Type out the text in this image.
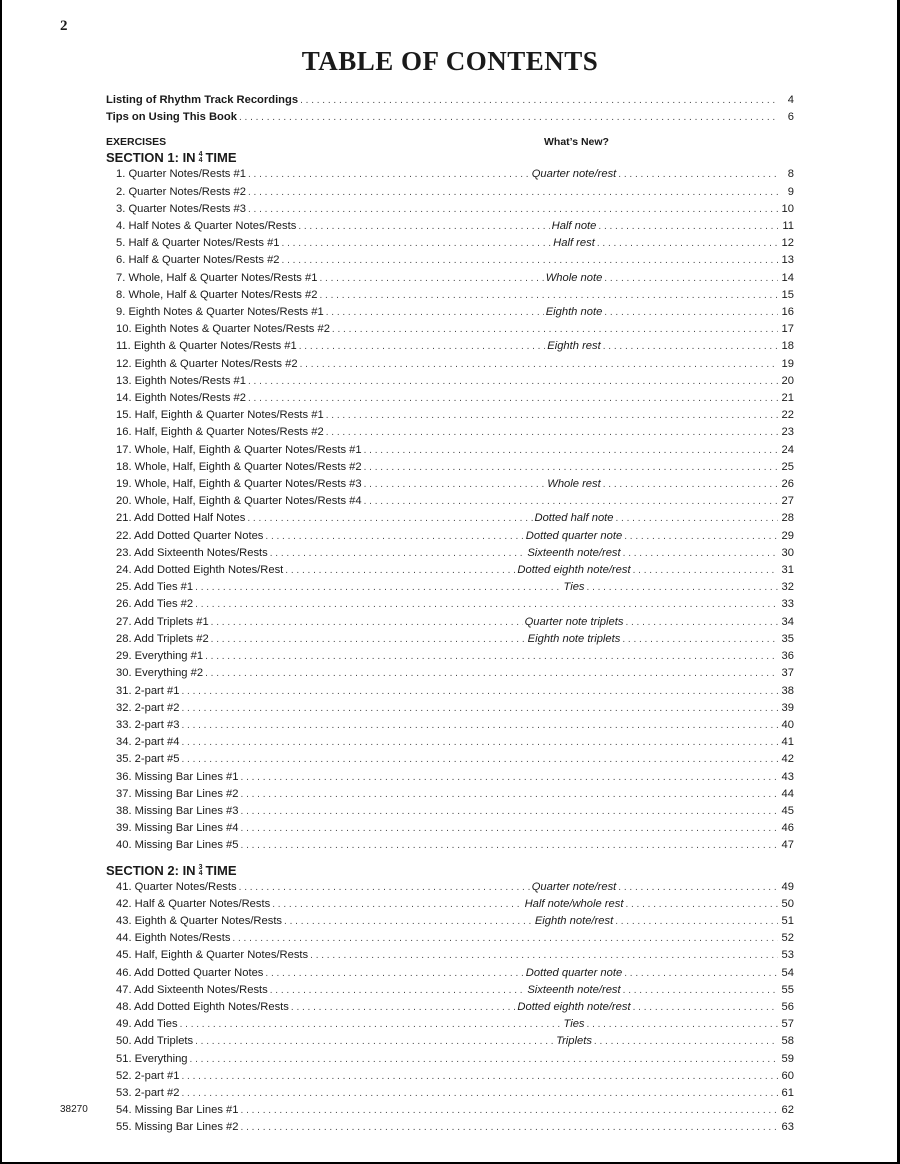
2
TABLE OF CONTENTS
Listing of Rhythm Track Recordings . . .	4
Tips on Using This Book . . .	6
EXERCISES	What’s New?
SECTION 1: IN 4
4 TIME
1. Quarter Notes/Rests #1 . . .	Quarter note/rest . . .	8
2. Quarter Notes/Rests #2 . . .	9
3. Quarter Notes/Rests #3 . . .	10
4. Half Notes & Quarter Notes/Rests . . .	Half note . . .	11
5. Half & Quarter Notes/Rests #1 . . .	Half rest . . .	12
6. Half & Quarter Notes/Rests #2 . . .	13
7. Whole, Half & Quarter Notes/Rests #1 . . .	Whole note . . .	14
8. Whole, Half & Quarter Notes/Rests #2 . . .	15
9. Eighth Notes & Quarter Notes/Rests #1 . . .	Eighth note . . .	16
10. Eighth Notes & Quarter Notes/Rests #2 . . .	17
11. Eighth & Quarter Notes/Rests #1 . . .	Eighth rest . . .	18
12. Eighth & Quarter Notes/Rests #2 . . .	19
13. Eighth Notes/Rests #1 . . .	20
14. Eighth Notes/Rests #2 . . .	21
15. Half, Eighth & Quarter Notes/Rests #1 . . .	22
16. Half, Eighth & Quarter Notes/Rests #2 . . .	23
17. Whole, Half, Eighth & Quarter Notes/Rests #1 . . .	24
18. Whole, Half, Eighth & Quarter Notes/Rests #2 . . .	25
19. Whole, Half, Eighth & Quarter Notes/Rests #3 . . .	Whole rest . . .	26
20. Whole, Half, Eighth & Quarter Notes/Rests #4 . . .	27
21. Add Dotted Half Notes . . .	Dotted half note . . .	28
22. Add Dotted Quarter Notes . . .	Dotted quarter note . . .	29
23. Add Sixteenth Notes/Rests . . .	Sixteenth note/rest . . .	30
24. Add Dotted Eighth Notes/Rest . . .	Dotted eighth note/rest . . .	31
25. Add Ties #1 . . .	Ties . . .	32
26. Add Ties #2 . . .	33
27. Add Triplets #1 . . .	Quarter note triplets . . .	34
28. Add Triplets #2 . . .	Eighth note triplets . . .	35
29. Everything #1 . . .	36
30. Everything #2 . . .	37
31. 2-part #1 . . .	38
32. 2-part #2 . . .	39
33. 2-part #3 . . .	40
34. 2-part #4 . . .	41
35. 2-part #5 . . .	42
36. Missing Bar Lines #1 . . .	43
37. Missing Bar Lines #2 . . .	44
38. Missing Bar Lines #3 . . .	45
39. Missing Bar Lines #4 . . .	46
40. Missing Bar Lines #5 . . .	47
SECTION 2: IN 3
4 TIME
41. Quarter Notes/Rests . . .	Quarter note/rest . . .	49
42. Half & Quarter Notes/Rests . . .	Half note/whole rest . . .	50
43. Eighth & Quarter Notes/Rests . . .	Eighth note/rest . . .	51
44. Eighth Notes/Rests . . .	52
45. Half, Eighth & Quarter Notes/Rests . . .	53
46. Add Dotted Quarter Notes . . .	Dotted quarter note . . .	54
47. Add Sixteenth Notes/Rests . . .	Sixteenth note/rest . . .	55
48. Add Dotted Eighth Notes/Rests . . .	Dotted eighth note/rest . . .	56
49. Add Ties . . .	Ties . . .	57
50. Add Triplets . . .	Triplets . . .	58
51. Everything . . .	59
52. 2-part #1 . . .	60
53. 2-part #2 . . .	61
54. Missing Bar Lines #1 . . .	62
55. Missing Bar Lines #2 . . .	63
38270
